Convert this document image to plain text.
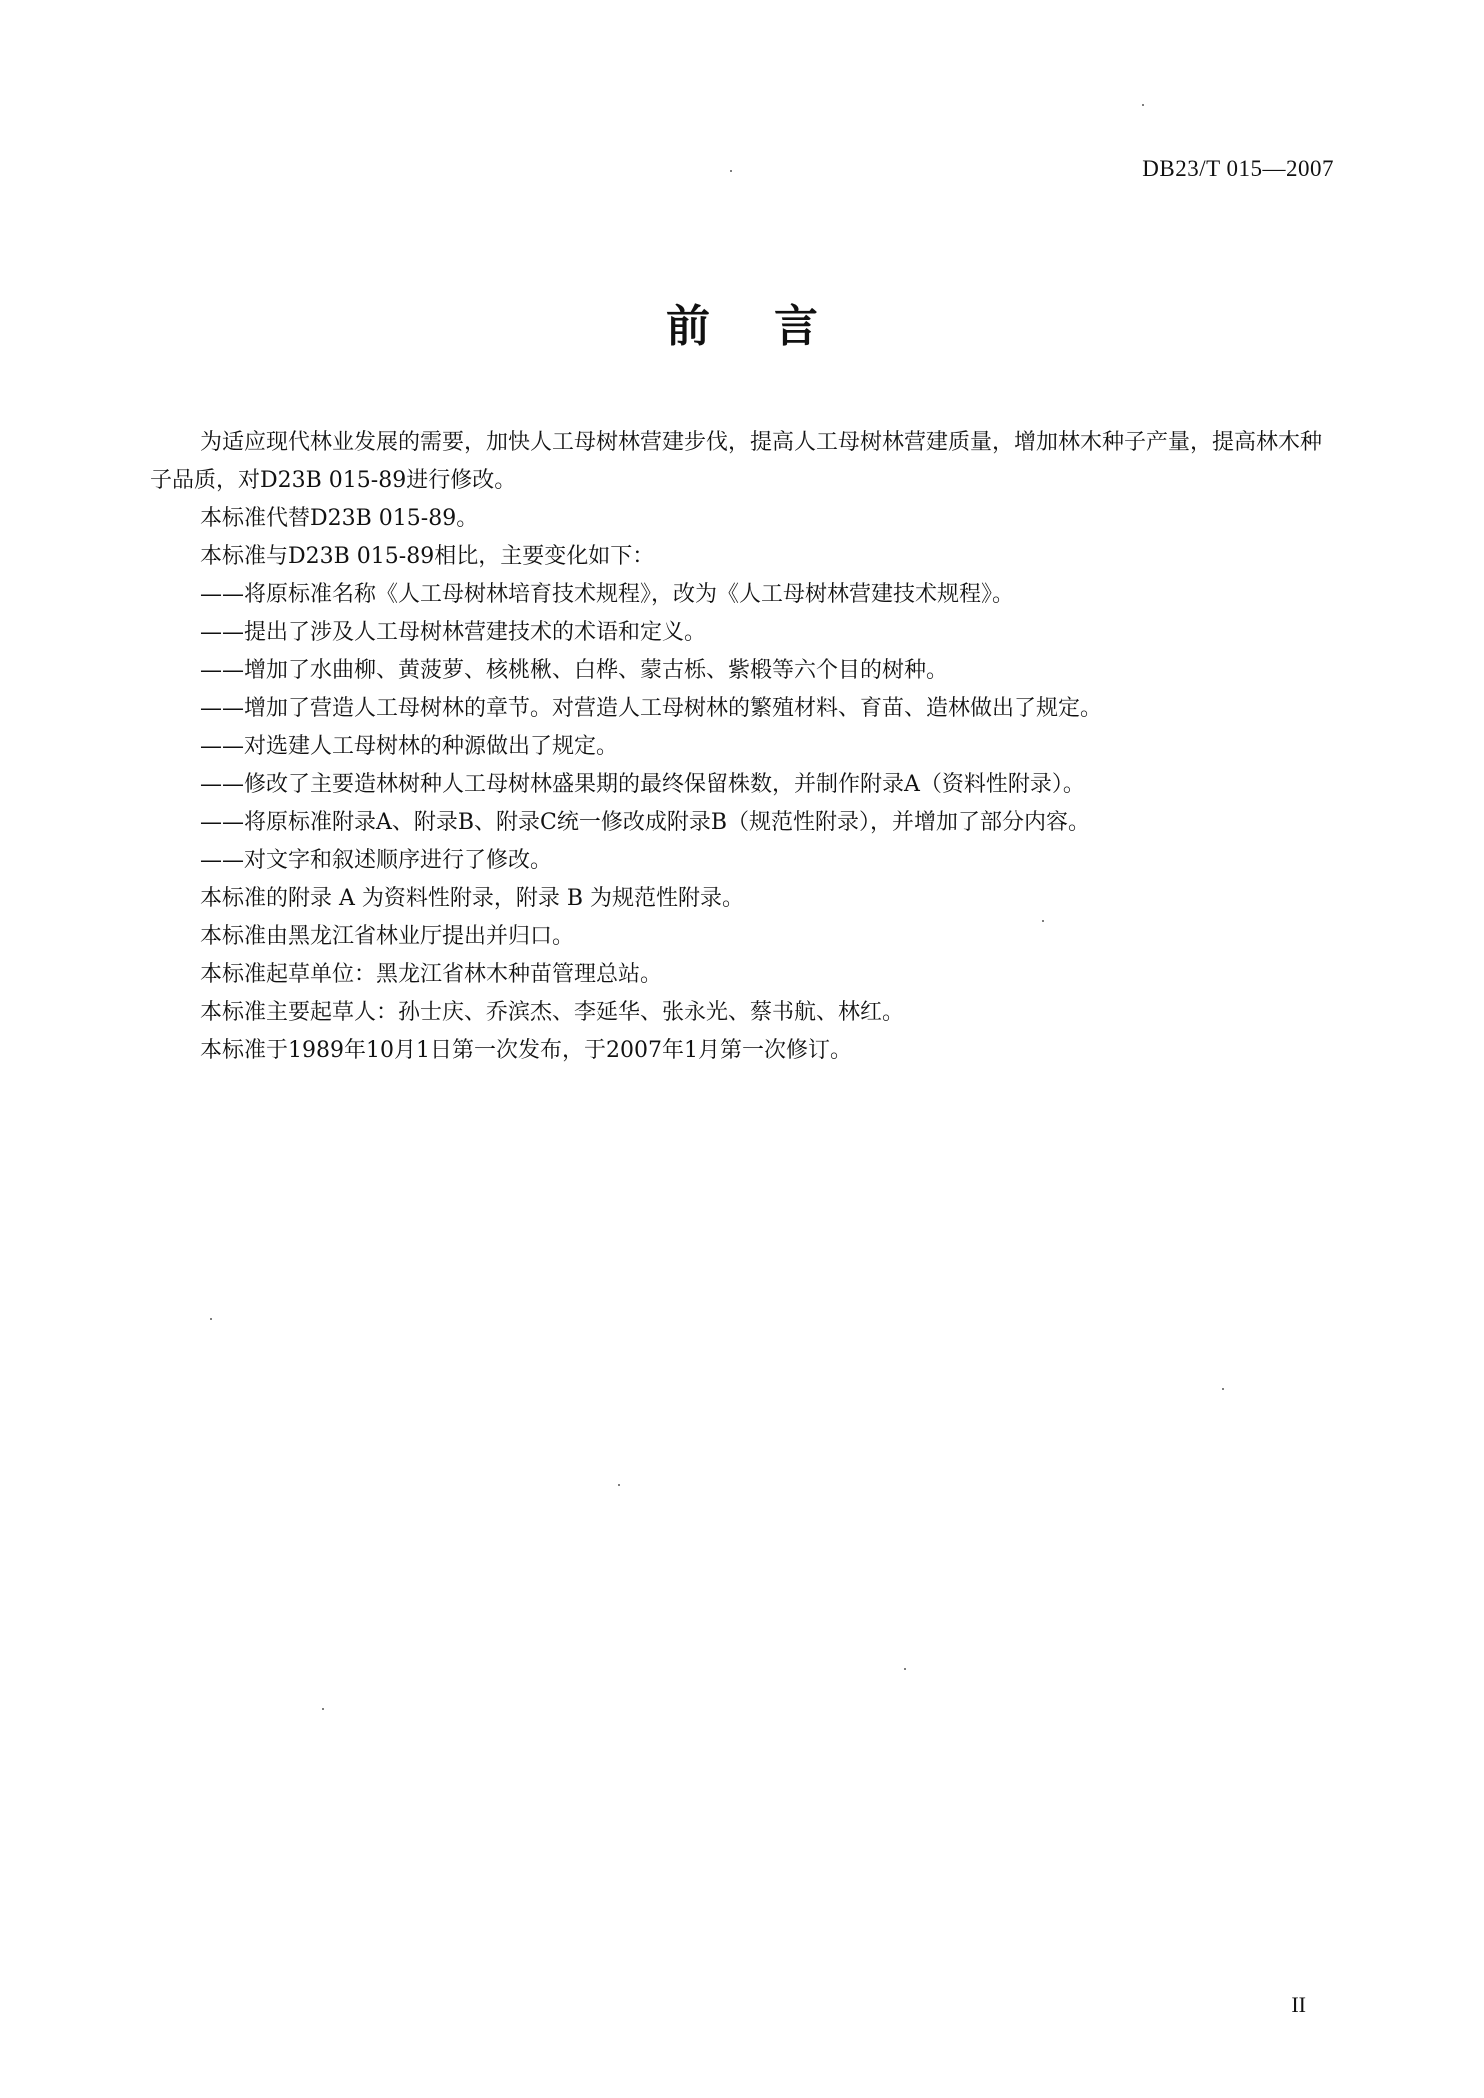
DB23/T 015—2007
前言

为适应现代林业发展的需要，加快人工母树林营建步伐，提高人工母树林营建质量，增加林木种子产量，提高林木种子品质，对D23B 015-89进行修改。

本标准代替D23B 015-89。

本标准与D23B 015-89相比，主要变化如下：

——将原标准名称《人工母树林培育技术规程》，改为《人工母树林营建技术规程》。

——提出了涉及人工母树林营建技术的术语和定义。

——增加了水曲柳、黄菠萝、核桃楸、白桦、蒙古栎、紫椴等六个目的树种。

——增加了营造人工母树林的章节。对营造人工母树林的繁殖材料、育苗、造林做出了规定。

——对选建人工母树林的种源做出了规定。

——修改了主要造林树种人工母树林盛果期的最终保留株数，并制作附录A（资料性附录）。

——将原标准附录A、附录B、附录C统一修改成附录B（规范性附录），并增加了部分内容。

——对文字和叙述顺序进行了修改。

本标准的附录 A 为资料性附录，附录 B 为规范性附录。

本标准由黑龙江省林业厅提出并归口。

本标准起草单位：黑龙江省林木种苗管理总站。

本标准主要起草人：孙士庆、乔滨杰、李延华、张永光、蔡书航、林红。

本标准于1989年10月1日第一次发布，于2007年1月第一次修订。

II
